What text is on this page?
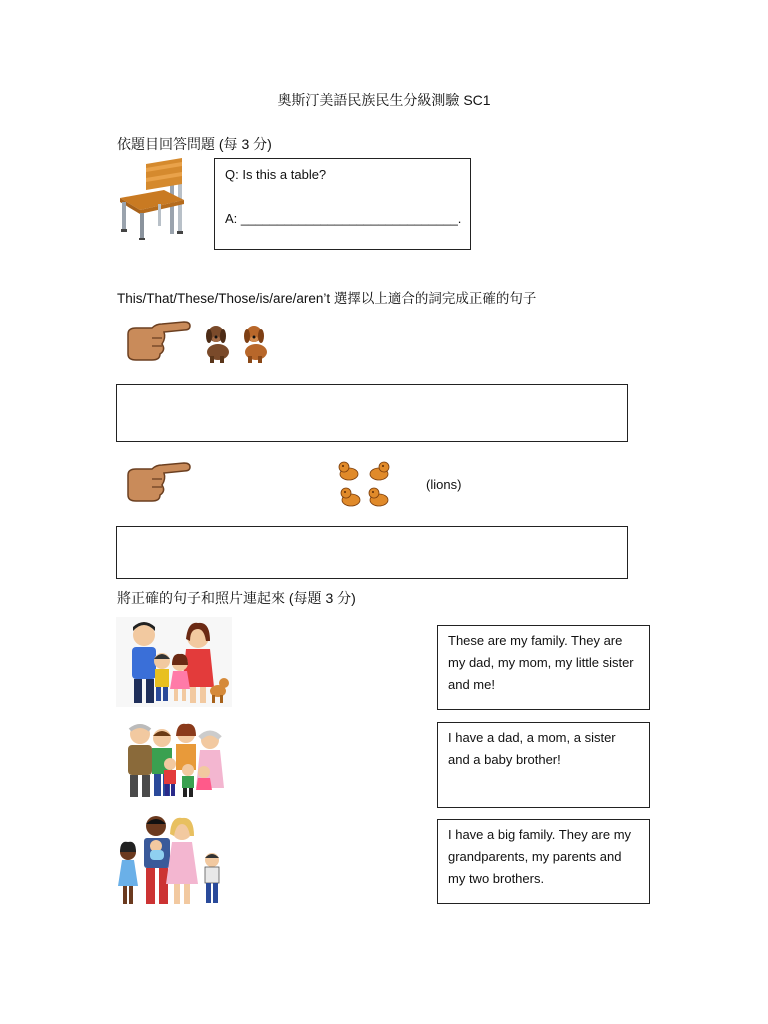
奧斯汀美語民族民生分級測驗 SC1
依題目回答問題 (每 3 分)
Q: Is this a table?
A: ______________________________.
This/That/These/Those/is/are/aren’t 選擇以上適合的詞完成正確的句子
(lions)
將正確的句子和照片連起來 (每題 3 分)
These are my family. They are my dad, my mom, my little sister and me!
I have a dad, a mom, a sister and a baby brother!
I have a big family. They are my grandparents, my parents and my two brothers.
